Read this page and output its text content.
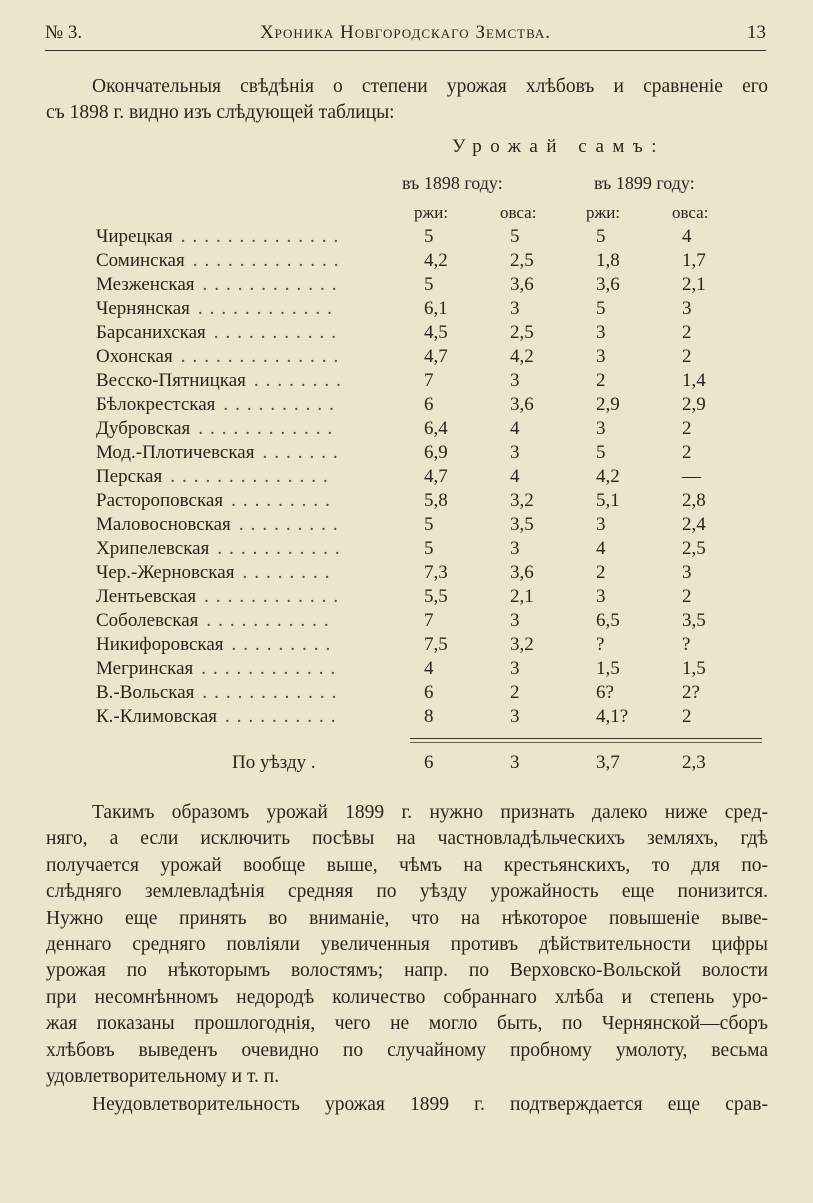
№ 3.	Хроника Новгородскаго Земства.	13
Окончательныя свѣдѣнія о степени урожая хлѣбовъ и сравненіе его
съ 1898 г. видно изъ слѣдующей таблицы:
Урожай самъ:
въ 1898 году:	въ 1899 году:
ржи:	овса:	ржи:	овса:
Чирецкая ..............	5	5	5	4
Соминская .............	4,2	2,5	1,8	1,7
Мезженская ............	5	3,6	3,6	2,1
Чернянская ............	6,1	3	5	3
Барсанихская ...........	4,5	2,5	3	2
Охонская ..............	4,7	4,2	3	2
Весско-Пятницкая ........	7	3	2	1,4
Бѣлокрестская ..........	6	3,6	2,9	2,9
Дубровская ............	6,4	4	3	2
Мод.-Плотичевская .......	6,9	3	5	2
Перская ..............	4,7	4	4,2	—
Растороповская .........	5,8	3,2	5,1	2,8
Маловосновская .........	5	3,5	3	2,4
Хрипелевская ...........	5	3	4	2,5
Чер.-Жерновская ........	7,3	3,6	2	3
Лентьевская ............	5,5	2,1	3	2
Соболевская ...........	7	3	6,5	3,5
Никифоровская .........	7,5	3,2	?	?
Мегринская ............	4	3	1,5	1,5
В.-Вольская ............	6	2	6?	2?
К.-Климовская ..........	8	3	4,1?	2
По уѣзду .	6	3	3,7	2,3
Такимъ образомъ урожай 1899 г. нужно признать далеко ниже сред-
няго, а если исключить посѣвы на частновладѣльческихъ земляхъ, гдѣ
получается урожай вообще выше, чѣмъ на крестьянскихъ, то для по-
слѣдняго землевладѣнія средняя по уѣзду урожайность еще понизится.
Нужно еще принять во вниманіе, что на нѣкоторое повышеніе выве-
деннаго средняго повліяли увеличенныя противъ дѣйствительности цифры
урожая по нѣкоторымъ волостямъ; напр. по Верховско-Вольской волости
при несомнѣнномъ недородѣ количество собраннаго хлѣба и степень уро-
жая показаны прошлогоднія, чего не могло быть, по Чернянской—сборъ
хлѣбовъ выведенъ очевидно по случайному пробному умолоту, весьма
удовлетворительному и т. п.
Неудовлетворительность урожая 1899 г. подтверждается еще срав-
